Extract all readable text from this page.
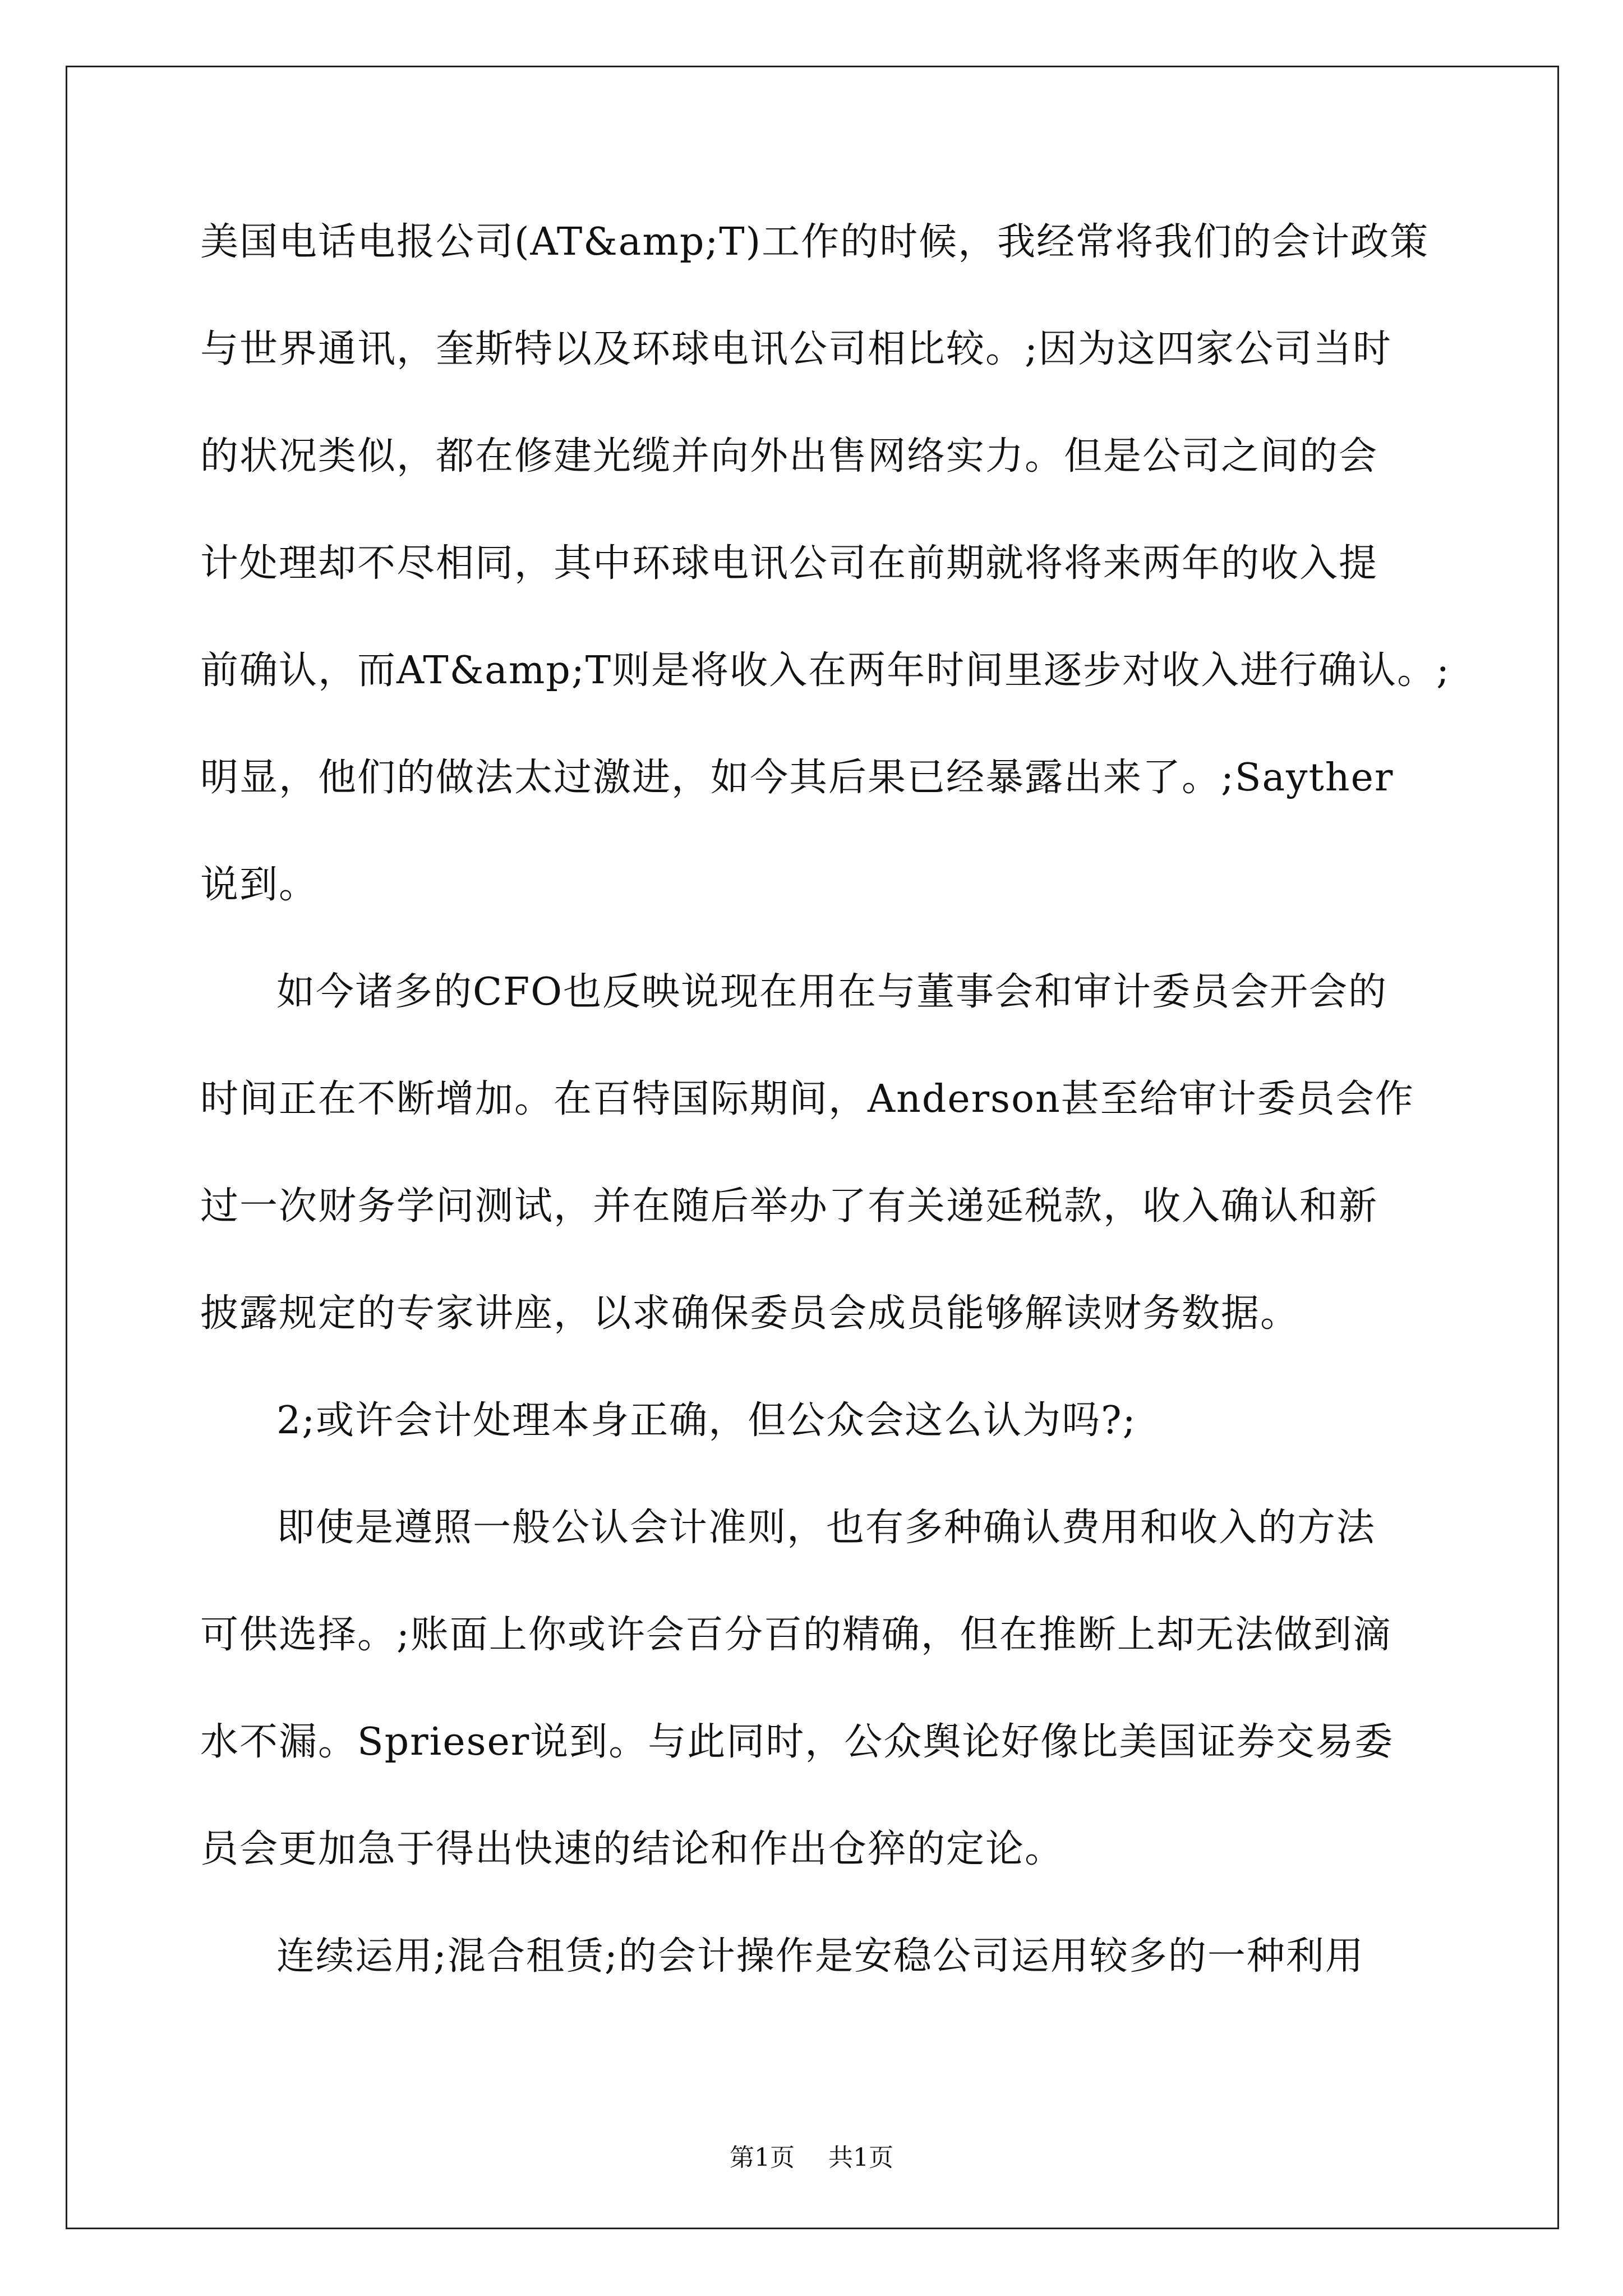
美国电话电报公司(AT&amp;T)工作的时候，我经常将我们的会计政策
与世界通讯，奎斯特以及环球电讯公司相比较。;因为这四家公司当时
的状况类似，都在修建光缆并向外出售网络实力。但是公司之间的会
计处理却不尽相同，其中环球电讯公司在前期就将将来两年的收入提
前确认，而AT&amp;T则是将收入在两年时间里逐步对收入进行确认。;
明显，他们的做法太过激进，如今其后果已经暴露出来了。;Sayther
说到。
如今诸多的CFO也反映说现在用在与董事会和审计委员会开会的
时间正在不断增加。在百特国际期间，Anderson甚至给审计委员会作
过一次财务学问测试，并在随后举办了有关递延税款，收入确认和新
披露规定的专家讲座，以求确保委员会成员能够解读财务数据。
2;或许会计处理本身正确，但公众会这么认为吗?;
即使是遵照一般公认会计准则，也有多种确认费用和收入的方法
可供选择。;账面上你或许会百分百的精确，但在推断上却无法做到滴
水不漏。Sprieser说到。与此同时，公众舆论好像比美国证券交易委
员会更加急于得出快速的结论和作出仓猝的定论。
连续运用;混合租赁;的会计操作是安稳公司运用较多的一种利用
第1页 共1页
